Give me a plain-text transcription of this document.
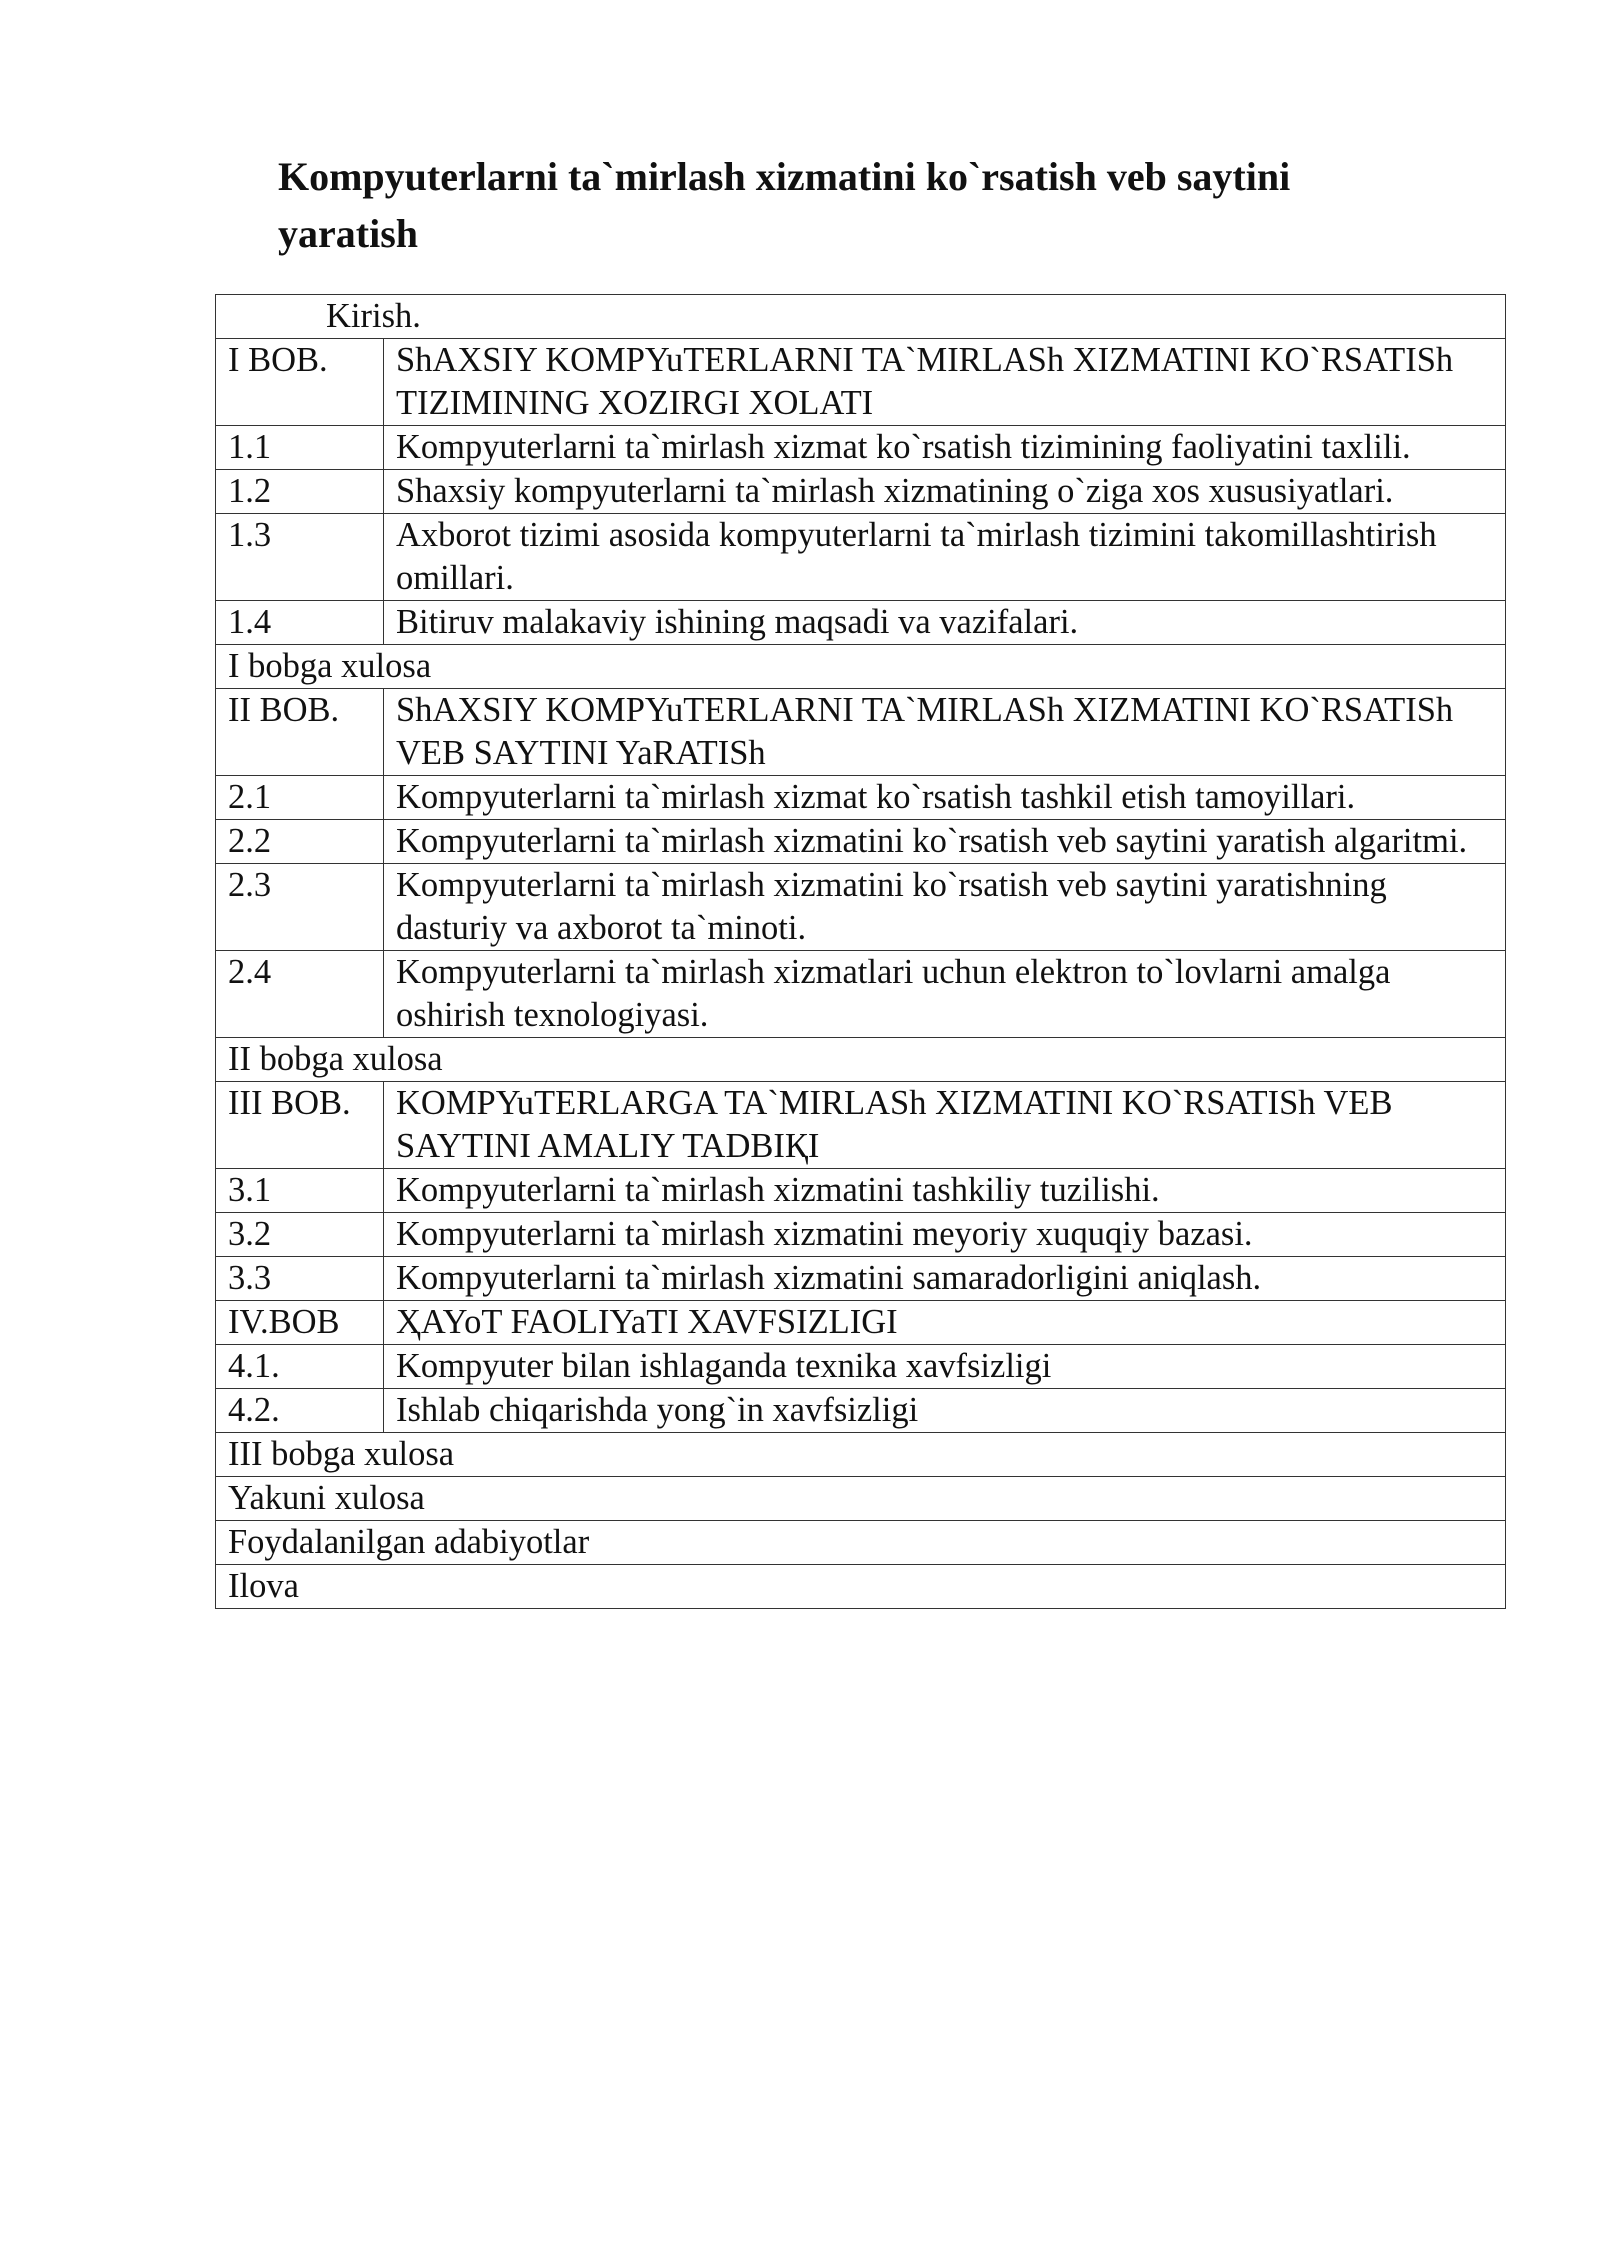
Kompyuterlarni ta`mirlash xizmatini ko`rsatish veb saytini yaratish
Kirish.	
I BOB.	ShAXSIY KOMPYuTERLARNI TA`MIRLASh XIZMATINI KO`RSATISh TIZIMINING XOZIRGI XOLATI
1.1	Kompyuterlarni ta`mirlash xizmat ko`rsatish tizimining faoliyatini taxlili.
1.2	Shaxsiy kompyuterlarni ta`mirlash xizmatining o`ziga xos xususiyatlari.
1.3	Axborot tizimi asosida kompyuterlarni ta`mirlash tizimini takomillashtirish omillari.
1.4	Bitiruv malakaviy ishining maqsadi va vazifalari.
I bobga xulosa	
II BOB.	ShAXSIY KOMPYuTERLARNI TA`MIRLASh XIZMATINI KO`RSATISh VEB SAYTINI YaRATISh
2.1	Kompyuterlarni ta`mirlash xizmat ko`rsatish tashkil etish tamoyillari.
2.2	Kompyuterlarni ta`mirlash xizmatini ko`rsatish veb saytini yaratish algaritmi.
2.3	Kompyuterlarni ta`mirlash xizmatini ko`rsatish veb saytini yaratishning dasturiy va axborot ta`minoti.
2.4	Kompyuterlarni ta`mirlash xizmatlari uchun elektron to`lovlarni amalga oshirish texnologiyasi.
II bobga xulosa	
III BOB.	KOMPYuTERLARGA TA`MIRLASh XIZMATINI KO`RSATISh VEB SAYTINI AMALIY TADBIҚI
3.1	Kompyuterlarni ta`mirlash xizmatini tashkiliy tuzilishi.
3.2	Kompyuterlarni ta`mirlash xizmatini meyoriy xuquqiy bazasi.
3.3	Kompyuterlarni ta`mirlash xizmatini samaradorligini aniqlash.
IV.BOB	ҲAYoT FAOLIYaTI XAVFSIZLIGI
4.1.	Kompyuter bilan ishlaganda texnika xavfsizligi
4.2.	Ishlab chiqarishda yong`in xavfsizligi
III bobga xulosa	
Yakuni xulosa	
Foydalanilgan adabiyotlar	
Ilova	
